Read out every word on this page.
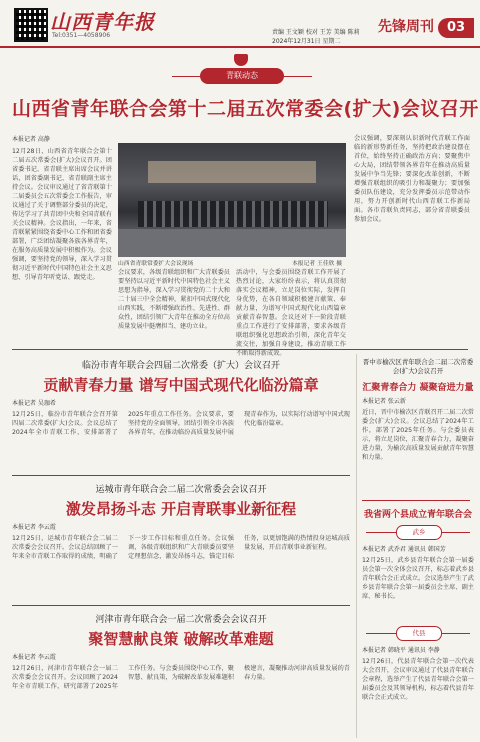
山西青年报
Tel:0351—4058906	责编 王文颖 校对 王芳 美编 陈莉
2024年12月31日 星期二
先锋周刊 03
青联动态
山西省青年联合会第十二届五次常委会(扩大)会议召开
本报记者 高静
12月28日，山西省青年联合会第十二届五次常委会(扩大)会议召开。团省委书记、省青联主席出席会议并讲话，团省委副书记、省青联副主席主持会议。会议审议通过了省青联第十二届委员会五次常委会工作报告，审议通过了关于调整部分委员的决定，传达学习了共青团中央和全国青联有关会议精神。会议指出，一年来，省青联紧紧围绕省委中心工作和团省委部署，广泛团结凝聚各族各界青年，在服务高质量发展中积极作为。会议强调，要坚持党的领导，深入学习贯彻习近平新时代中国特色社会主义思想，引导青年听党话、跟党走。
山西省青联常委扩大会议现场	本报记者 王佳欣 摄
会议要求，各级青联组织和广大青联委员要坚持以习近平新时代中国特色社会主义思想为指导，深入学习贯彻党的二十大和二十届三中全会精神，紧扣中国式现代化山西实践，不断增强政治性、先进性、群众性，团结引领广大青年在推动全方位高质量发展中挺膺担当、建功立业。
活动中，与会委员围绕青联工作开展了热烈讨论，大家纷纷表示，将认真贯彻落实会议精神，立足岗位实际，发挥自身优势，在各自领域积极建言献策、奉献力量，为谱写中国式现代化山西篇章贡献青春智慧。会议还对下一阶段青联重点工作进行了安排部署，要求各级青联组织强化思想政治引领，深化青年交流交往，加强自身建设，推动青联工作不断取得新成效。
会议强调，要深刻认识新时代青联工作面临的新形势新任务，坚持把政治建设摆在首位，始终坚持正确政治方向；要聚焦中心大局，团结带领各界青年在推动高质量发展中争当先锋；要深化改革创新，不断增强青联组织的吸引力和凝聚力；要加强委员队伍建设，充分发挥委员示范带动作用，努力开创新时代山西青联工作新局面。各市青联负责同志，部分省青联委员参加会议。
临汾市青年联合会四届二次常委（扩大）会议召开
贡献青春力量 谱写中国式现代化临汾篇章
本报记者 吴珈希
12月25日，临汾市青年联合会召开第四届二次常委(扩大)会议。会议总结了2024年全市青联工作，安排部署了2025年重点工作任务。会议要求，要坚持党的全面领导，团结引领全市各族各界青年，在推动临汾高质量发展中展现青春作为，以实际行动谱写中国式现代化临汾篇章。
运城市青年联合会二届二次常委会会议召开
激发昂扬斗志 开启青联事业新征程
本报记者 李云霞
12月25日，运城市青年联合会二届二次常委会会议召开。会议总结回顾了一年来全市青联工作取得的成绩，明确了下一步工作目标和重点任务。会议强调，各级青联组织和广大青联委员要坚定理想信念，激发昂扬斗志，锚定目标任务，以更加饱满的热情投身运城高质量发展，开启青联事业新征程。
河津市青年联合会一届二次常委会会议召开
聚智慧献良策 破解改革难题
本报记者 李云霞
12月26日，河津市青年联合会一届二次常委会会议召开。会议回顾了2024年全市青联工作，研究部署了2025年工作任务。与会委员围绕中心工作，聚智慧、献良策，为破解改革发展难题积极建言，凝聚推动河津高质量发展的青春力量。
晋中市榆次区青年联合会二届二次常委会(扩大)会议召开
汇聚青春合力 凝聚奋进力量
本报记者 张云新
近日，晋中市榆次区青联召开二届二次常委会(扩大)会议。会议总结了2024年工作，部署了2025年任务。与会委员表示，将立足岗位，汇聚青春合力，凝聚奋进力量，为榆次高质量发展贡献青年智慧和力量。
我省两个县成立青年联合会
武乡
本报记者 武乔君 通讯员 韩国芳
12月25日，武乡县青年联合会第一届委员会第一次全体会议召开，标志着武乡县青年联合会正式成立。会议选举产生了武乡县青年联合会第一届委员会主席、副主席、秘书长。
代县
本报记者 韩晓平 通讯员 李静
12月26日，代县青年联合会第一次代表大会召开，会议审议通过了代县青年联合会章程，选举产生了代县青年联合会第一届委员会及其领导机构，标志着代县青年联合会正式成立。
